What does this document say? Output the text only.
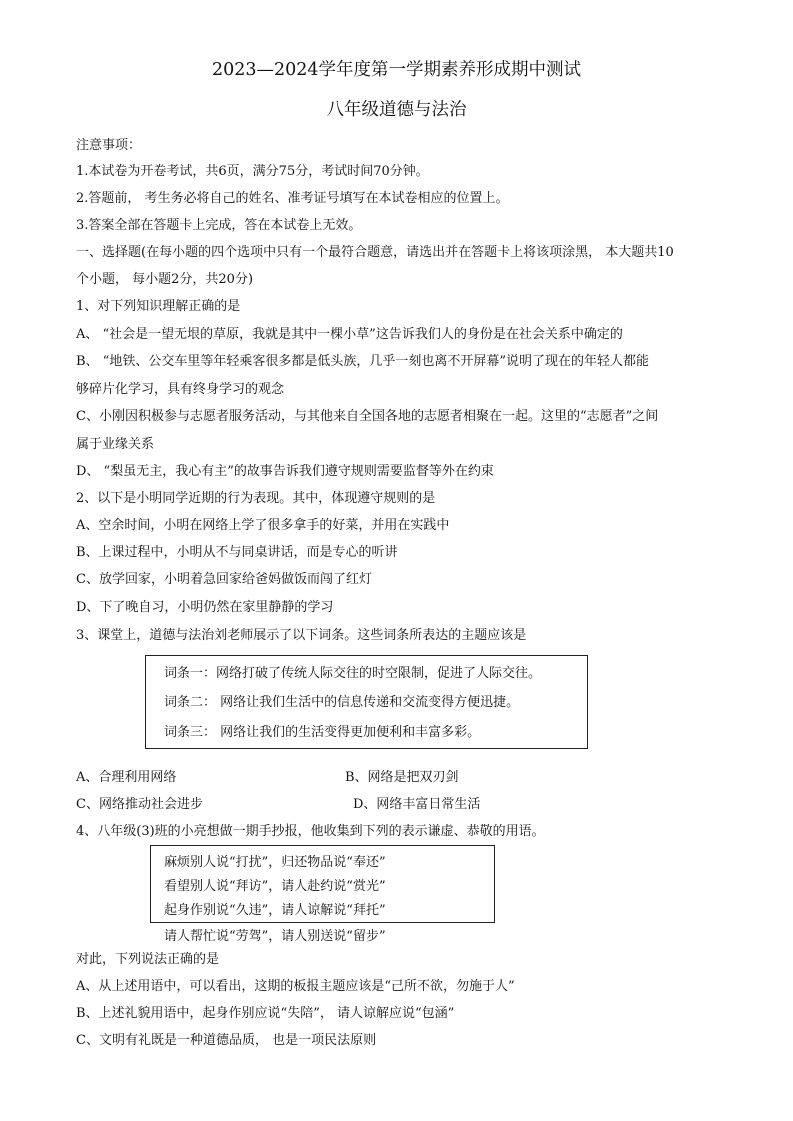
2023—2024学年度第一学期素养形成期中测试
八年级道德与法治
注意事项：
1.本试卷为开卷考试，共6页，满分75分，考试时间70分钟。
2.答题前， 考生务必将自己的姓名、准考证号填写在本试卷相应的位置上。
3.答案全部在答题卡上完成，答在本试卷上无效。
一、选择题(在每小题的四个选项中只有一个最符合题意，请选出并在答题卡上将该项涂黑， 本大题共10
个小题， 每小题2分，共20分)
1、对下列知识理解正确的是
A、 “社会是一望无垠的草原，我就是其中一棵小草”这告诉我们人的身份是在社会关系中确定的
B、 “地铁、公交车里等年轻乘客很多都是低头族，几乎一刻也离不开屏幕”说明了现在的年轻人都能
够碎片化学习，具有终身学习的观念
C、小刚因积极参与志愿者服务活动，与其他来自全国各地的志愿者相聚在一起。这里的“志愿者”之间
属于业缘关系
D、 “梨虽无主，我心有主”的故事告诉我们遵守规则需要监督等外在约束
2、以下是小明同学近期的行为表现。其中，体现遵守规则的是
A、空余时间，小明在网络上学了很多拿手的好菜，并用在实践中
B、上课过程中，小明从不与同桌讲话，而是专心的听讲
C、放学回家，小明着急回家给爸妈做饭而闯了红灯
D、下了晚自习，小明仍然在家里静静的学习
3、课堂上，道德与法治刘老师展示了以下词条。这些词条所表达的主题应该是
词条一：网络打破了传统人际交往的时空限制，促进了人际交往。
词条二： 网络让我们生活中的信息传递和交流变得方便迅捷。
词条三： 网络让我们的生活变得更加便利和丰富多彩。
A、合理利用网络	B、网络是把双刃剑
C、网络推动社会进步	D、网络丰富日常生活
4、八年级(3)班的小亮想做一期手抄报，他收集到下列的表示谦虚、恭敬的用语。
麻烦别人说“打扰”，归还物品说“奉还”
看望别人说“拜访”，请人赴约说“赏光”
起身作别说“久违”，请人谅解说“拜托”
请人帮忙说“劳驾”，请人别送说“留步”
对此，下列说法正确的是
A、从上述用语中，可以看出，这期的板报主题应该是“己所不欲，勿施于人”
B、上述礼貌用语中，起身作别应说“失陪”， 请人谅解应说“包涵”
C、文明有礼既是一种道德品质， 也是一项民法原则
